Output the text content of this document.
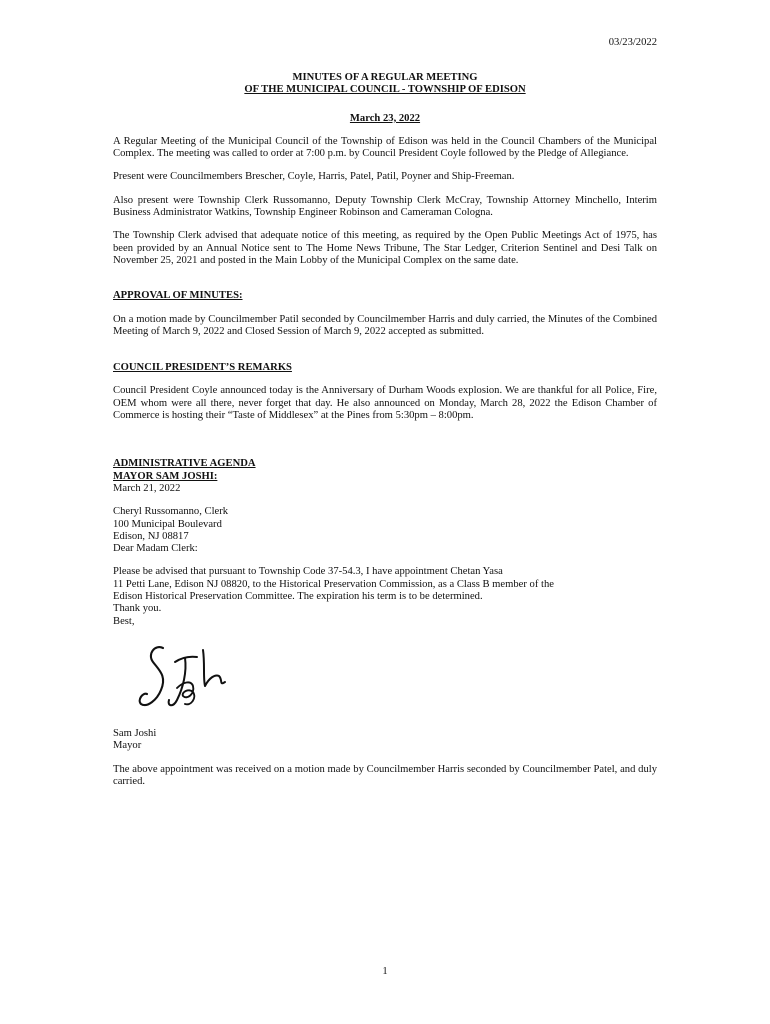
03/23/2022

MINUTES OF A REGULAR MEETING

OF THE MUNICIPAL COUNCIL - TOWNSHIP OF EDISON

March 23, 2022

A Regular Meeting of the Municipal Council of the Township of Edison was held in the Council Chambers of the Municipal Complex. The meeting was called to order at 7:00 p.m. by Council President Coyle followed by the Pledge of Allegiance.

Present were Councilmembers Brescher, Coyle, Harris, Patel, Patil, Poyner and Ship-Freeman.

Also present were Township Clerk Russomanno, Deputy Township Clerk McCray, Township Attorney Minchello, Interim Business Administrator Watkins, Township Engineer Robinson and Cameraman Cologna.

The Township Clerk advised that adequate notice of this meeting, as required by the Open Public Meetings Act of 1975, has been provided by an Annual Notice sent to The Home News Tribune, The Star Ledger, Criterion Sentinel and Desi Talk on November 25, 2021 and posted in the Main Lobby of the Municipal Complex on the same date.

APPROVAL OF MINUTES:

On a motion made by Councilmember Patil seconded by Councilmember Harris and duly carried, the Minutes of the Combined Meeting of March 9, 2022 and Closed Session of March 9, 2022 accepted as submitted.

COUNCIL PRESIDENT’S REMARKS

Council President Coyle announced today is the Anniversary of Durham Woods explosion. We are thankful for all Police, Fire, OEM whom were all there, never forget that day. He also announced on Monday, March 28, 2022 the Edison Chamber of Commerce is hosting their “Taste of Middlesex” at the Pines from 5:30pm – 8:00pm.

ADMINISTRATIVE AGENDA

MAYOR SAM JOSHI:

March 21, 2022

Cheryl Russomanno, Clerk

100 Municipal Boulevard

Edison, NJ 08817

Dear Madam Clerk:

Please be advised that pursuant to Township Code 37-54.3, I have appointment Chetan Yasa

11 Petti Lane, Edison NJ 08820, to the Historical Preservation Commission, as a Class B member of the

Edison Historical Preservation Committee. The expiration his term is to be determined.

Thank you.

Best,

Sam Joshi

Mayor

The above appointment was received on a motion made by Councilmember Harris seconded by Councilmember Patel, and duly carried.

1
